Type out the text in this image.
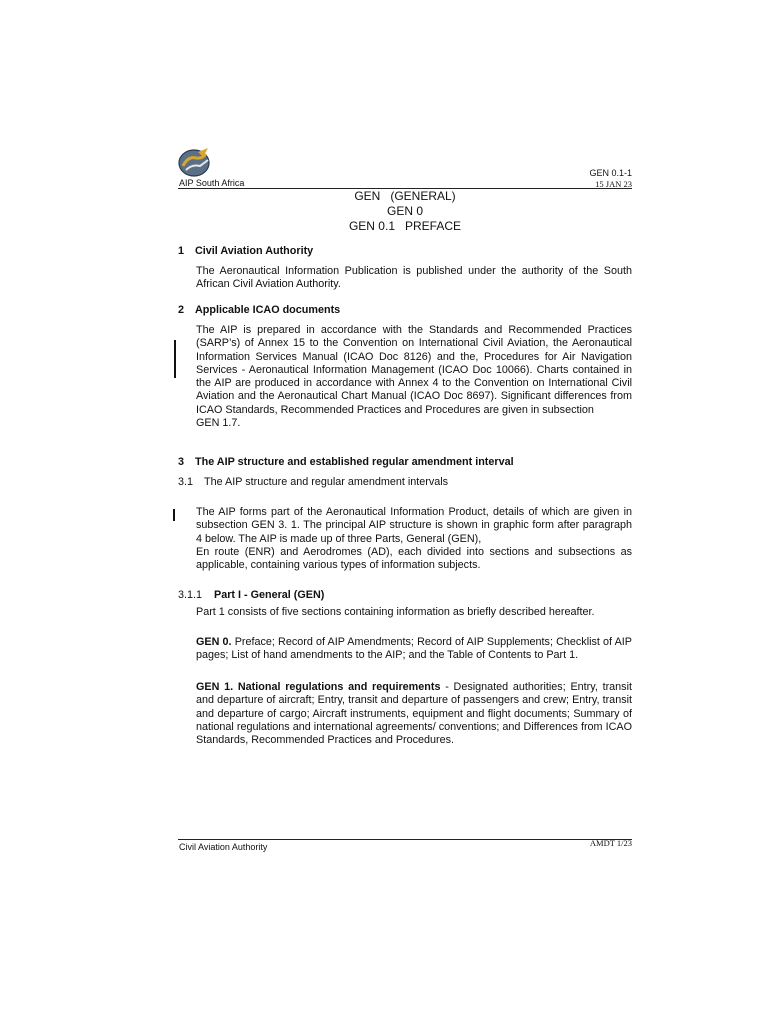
AIP South Africa
GEN 0.1-1
15 JAN 23
GEN   (GENERAL)
GEN 0
GEN 0.1   PREFACE
1 Civil Aviation Authority
The Aeronautical Information Publication is published under the authority of the South African Civil Aviation Authority.
2 Applicable ICAO documents
The AIP is prepared in accordance with the Standards and Recommended Practices (SARP’s) of Annex 15 to the Convention on International Civil Aviation, the Aeronautical Information Services Manual (ICAO Doc 8126) and the, Procedures for Air Navigation Services - Aeronautical Information Management (ICAO Doc 10066). Charts contained in the AIP are produced in accordance with Annex 4 to the Convention on International Civil Aviation and the Aeronautical Chart Manual (ICAO Doc 8697). Significant differences from ICAO Standards, Recommended Practices and Procedures are given in subsection
GEN 1.7.
3 The AIP structure and established regular amendment interval
3.1 The AIP structure and regular amendment intervals
The AIP forms part of the Aeronautical Information Product, details of which are given in subsection GEN 3. 1. The principal AIP structure is shown in graphic form after paragraph 4 below. The AIP is made up of three Parts, General (GEN),
En route (ENR) and Aerodromes (AD), each divided into sections and subsections as applicable, containing various types of information subjects.
3.1.1 Part I - General (GEN)
Part 1 consists of five sections containing information as briefly described hereafter.
GEN 0. Preface; Record of AIP Amendments; Record of AIP Supplements; Checklist of AIP pages; List of hand amendments to the AIP; and the Table of Contents to Part 1.
GEN 1. National regulations and requirements - Designated authorities; Entry, transit and departure of aircraft; Entry, transit and departure of passengers and crew; Entry, transit and departure of cargo; Aircraft instruments, equipment and flight documents; Summary of national regulations and international agreements/ conventions; and Differences from ICAO Standards, Recommended Practices and Procedures.
Civil Aviation Authority	AMDT 1/23
